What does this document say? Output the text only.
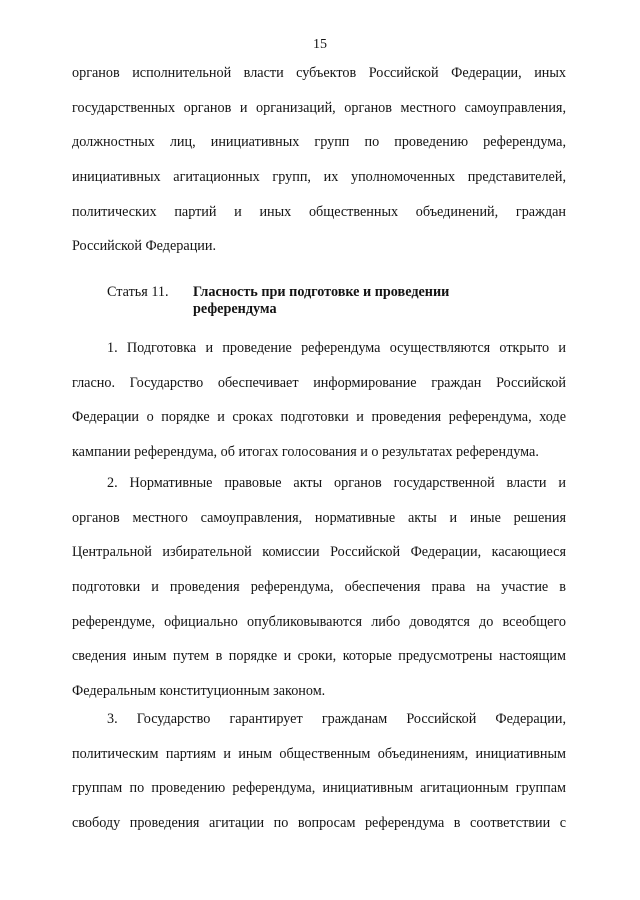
15
органов исполнительной власти субъектов Российской Федерации, иных
государственных органов и организаций, органов местного самоуправления,
должностных лиц, инициативных групп по проведению референдума,
инициативных агитационных групп, их уполномоченных представителей,
политических партий и иных общественных объединений, граждан
Российской Федерации.
Статья 11. Гласность при подготовке и проведении
референдума
1. Подготовка и проведение референдума осуществляются открыто и
гласно. Государство обеспечивает информирование граждан Российской
Федерации о порядке и сроках подготовки и проведения референдума, ходе
кампании референдума, об итогах голосования и о результатах референдума.
2. Нормативные правовые акты органов государственной власти и
органов местного самоуправления, нормативные акты и иные решения
Центральной избирательной комиссии Российской Федерации, касающиеся
подготовки и проведения референдума, обеспечения права на участие в
референдуме, официально опубликовываются либо доводятся до всеобщего
сведения иным путем в порядке и сроки, которые предусмотрены настоящим
Федеральным конституционным законом.
3. Государство гарантирует гражданам Российской Федерации,
политическим партиям и иным общественным объединениям, инициативным
группам по проведению референдума, инициативным агитационным группам
свободу проведения агитации по вопросам референдума в соответствии с
